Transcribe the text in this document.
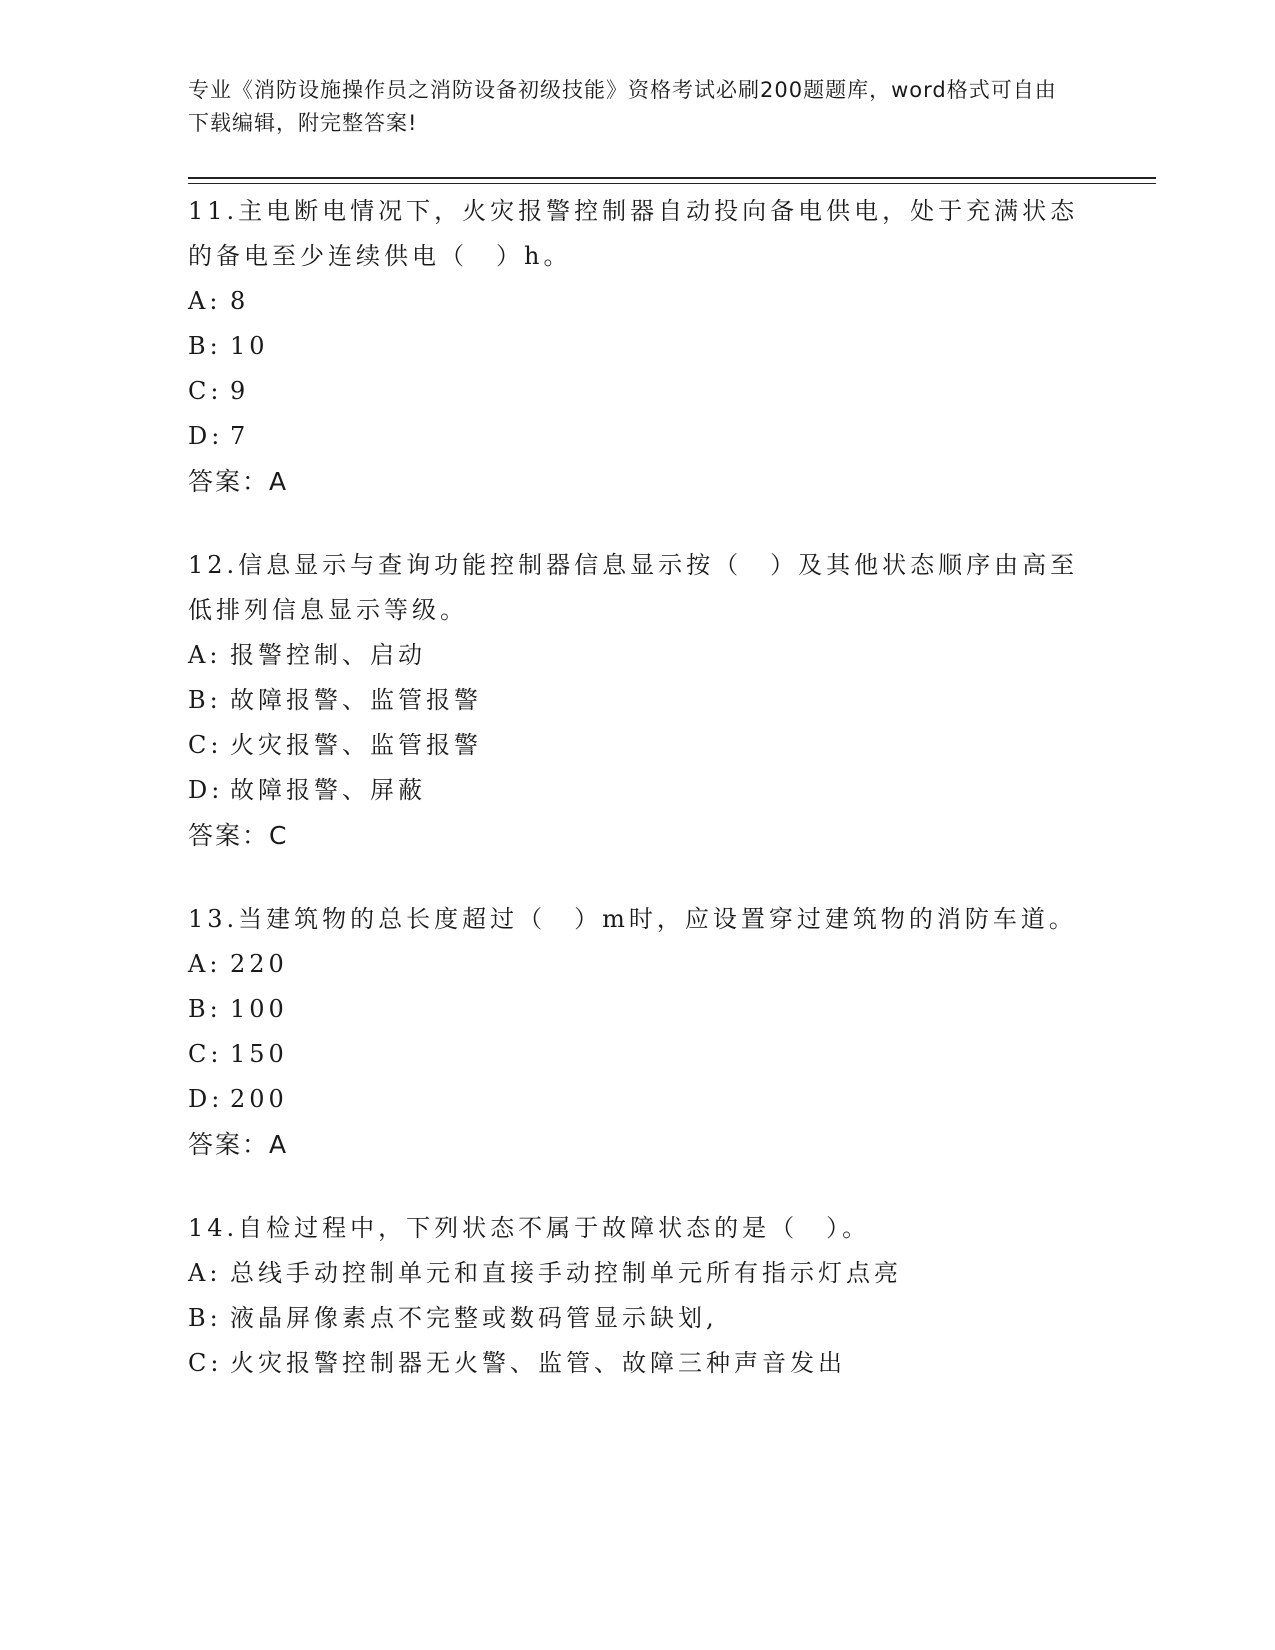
专业《消防设施操作员之消防设备初级技能》资格考试必刷200题题库，word格式可自由下载编辑，附完整答案!

11.主电断电情况下，火灾报警控制器自动投向备电供电，处于充满状态的备电至少连续供电（　）h。

A: 8

B: 10

C: 9

D: 7

答案：A

12.信息显示与查询功能控制器信息显示按（　）及其他状态顺序由高至低排列信息显示等级。

A: 报警控制、启动

B: 故障报警、监管报警

C: 火灾报警、监管报警

D: 故障报警、屏蔽

答案：C

13.当建筑物的总长度超过（　）m时，应设置穿过建筑物的消防车道。

A: 220

B: 100

C: 150

D: 200

答案：A

14.自检过程中，下列状态不属于故障状态的是（　）。

A: 总线手动控制单元和直接手动控制单元所有指示灯点亮

B: 液晶屏像素点不完整或数码管显示缺划,

C: 火灾报警控制器无火警、监管、故障三种声音发出
